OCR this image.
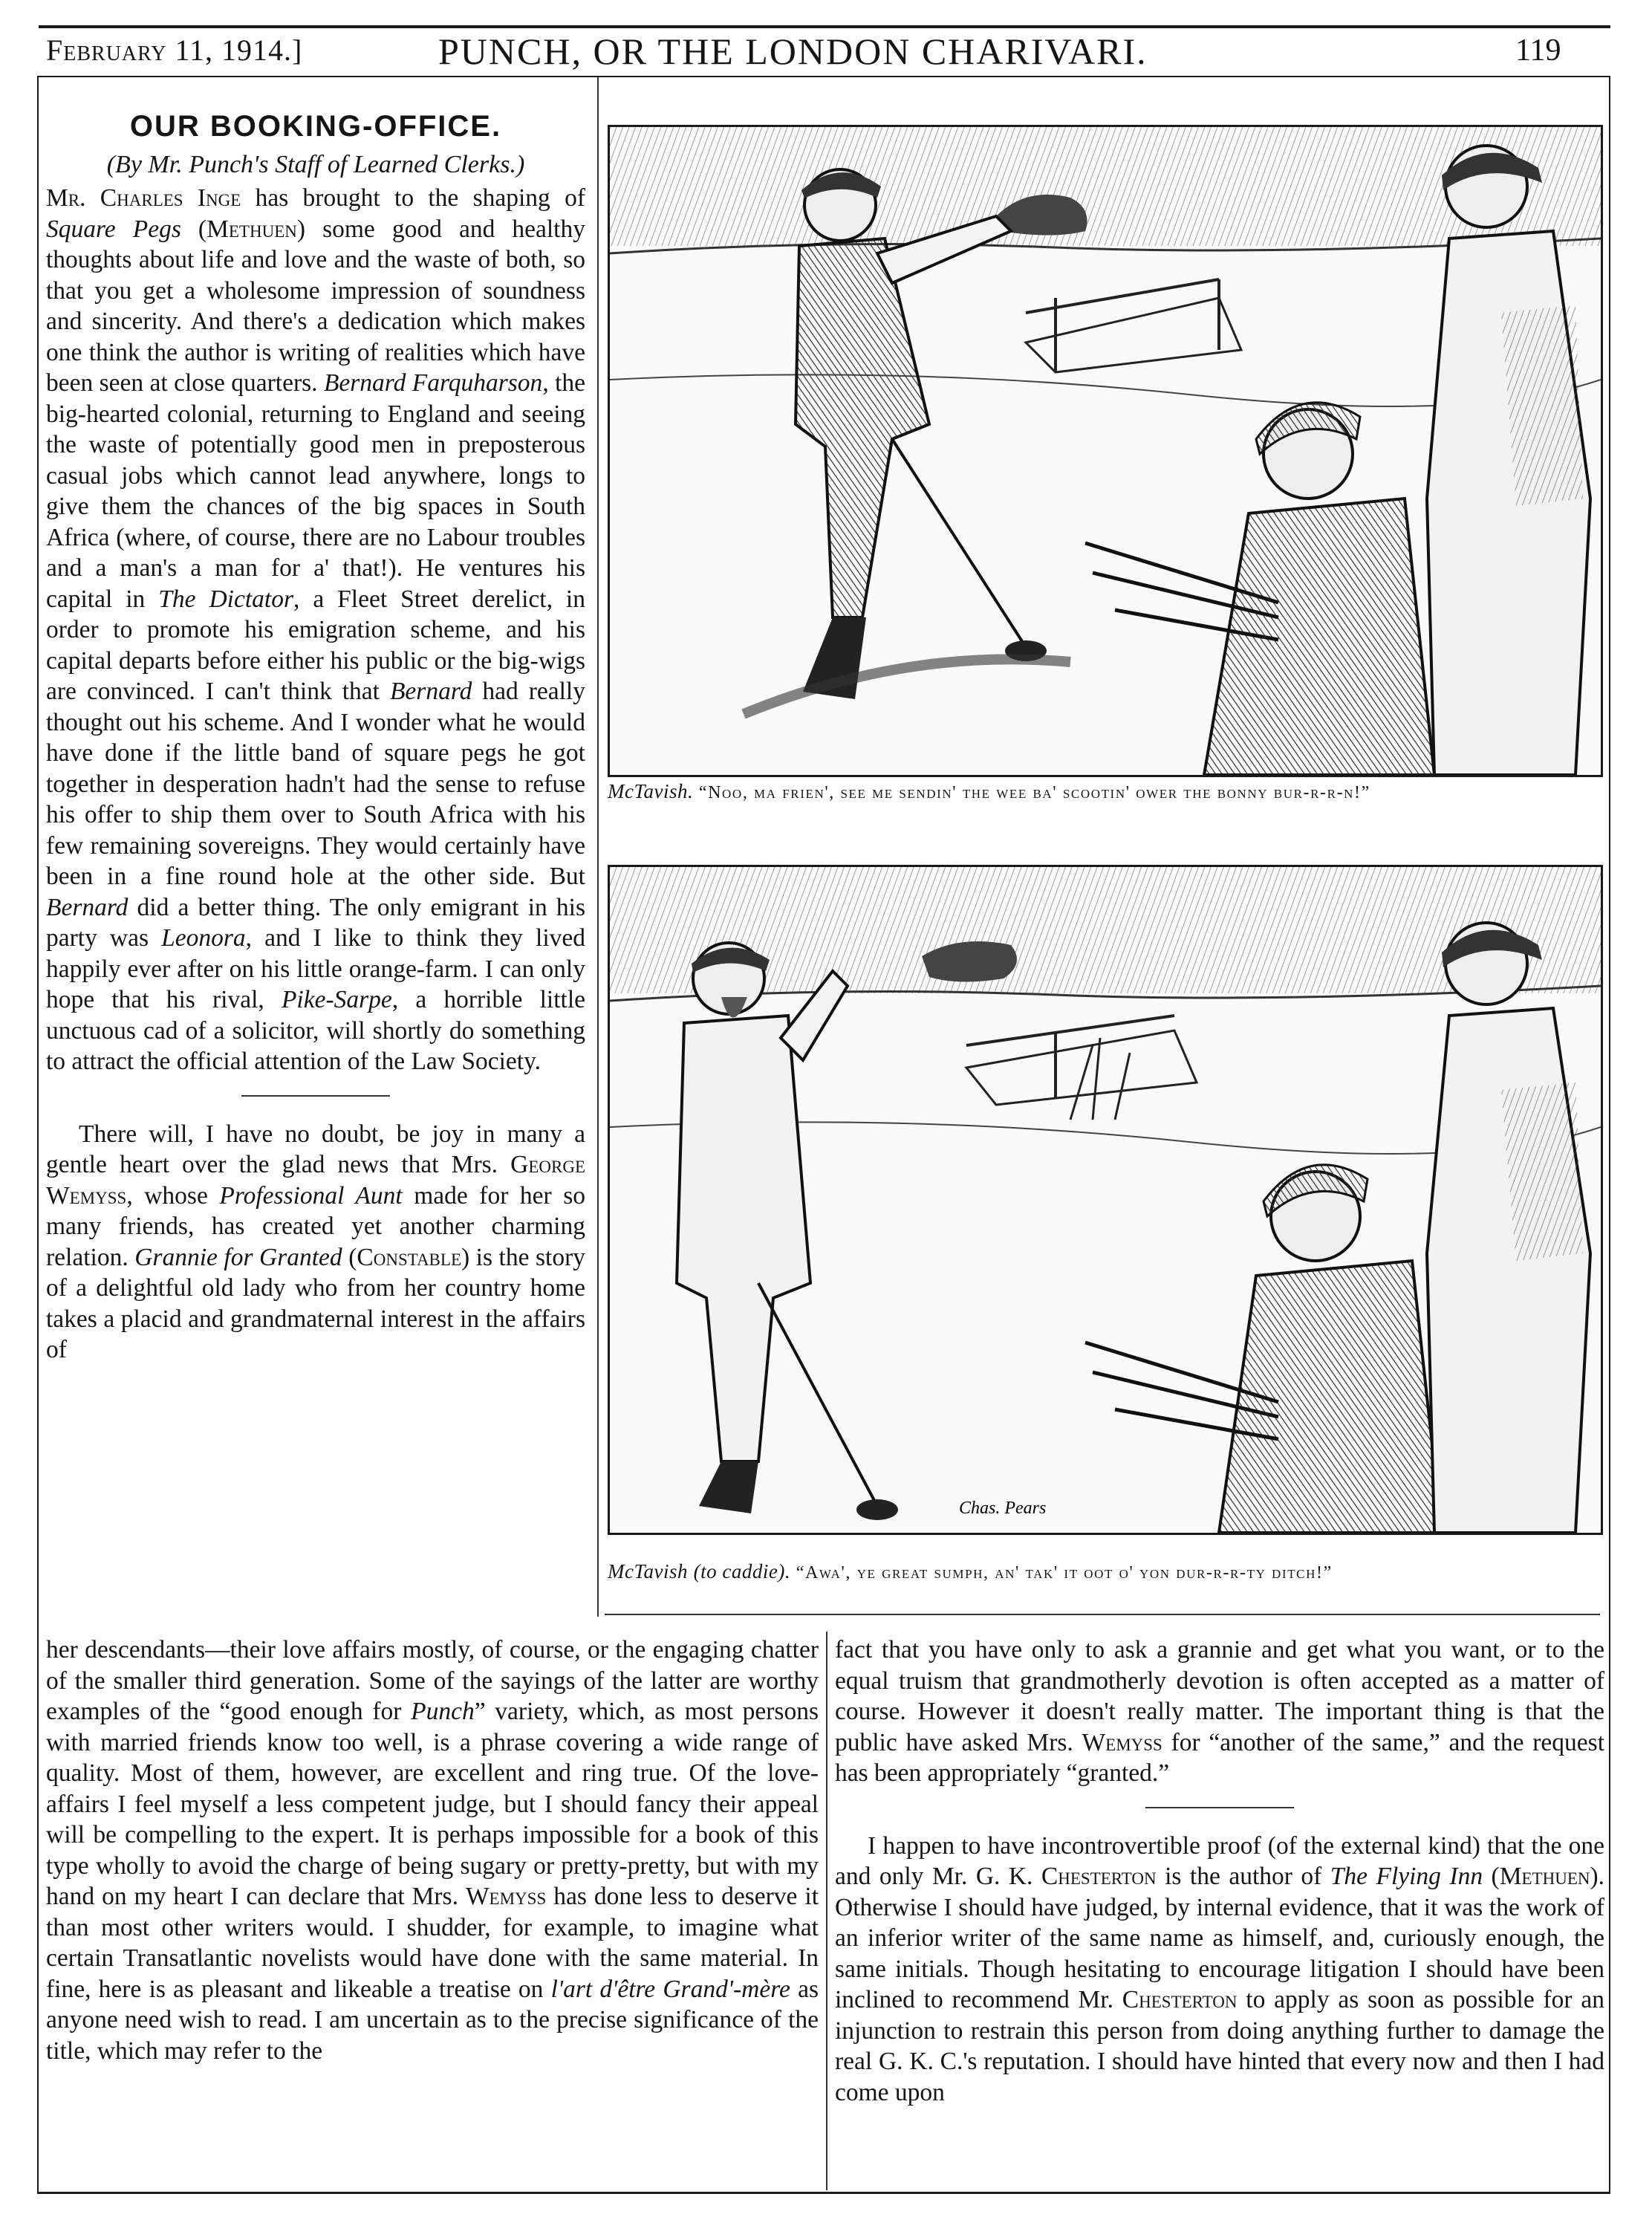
February 11, 1914.]	PUNCH, OR THE LONDON CHARIVARI.	119
OUR BOOKING-OFFICE.
(By Mr. Punch's Staff of Learned Clerks.)

Mr. Charles Inge has brought to the shaping of Square Pegs (Methuen) some good and healthy thoughts about life and love and the waste of both, so that you get a wholesome impression of soundness and sincerity. And there's a dedication which makes one think the author is writing of realities which have been seen at close quarters. Bernard Farquharson, the big-hearted colonial, returning to England and seeing the waste of potentially good men in preposterous casual jobs which cannot lead anywhere, longs to give them the chances of the big spaces in South Africa (where, of course, there are no Labour troubles and a man's a man for a' that!). He ventures his capital in The Dictator, a Fleet Street derelict, in order to promote his emigration scheme, and his capital departs before either his public or the big-wigs are convinced. I can't think that Bernard had really thought out his scheme. And I wonder what he would have done if the little band of square pegs he got together in desperation hadn't had the sense to refuse his offer to ship them over to South Africa with his few remaining sovereigns. They would certainly have been in a fine round hole at the other side. But Bernard did a better thing. The only emigrant in his party was Leonora, and I like to think they lived happily ever after on his little orange-farm. I can only hope that his rival, Pike-Sarpe, a horrible little unctuous cad of a solicitor, will shortly do something to attract the official attention of the Law Society.

There will, I have no doubt, be joy in many a gentle heart over the glad news that Mrs. George Wemyss, whose Professional Aunt made for her so many friends, has created yet another charming relation. Grannie for Granted (Constable) is the story of a delightful old lady who from her country home takes a placid and grandmaternal interest in the affairs of

her descendants—their love affairs mostly, of course, or the engaging chatter of the smaller third generation. Some of the sayings of the latter are worthy examples of the “good enough for Punch” variety, which, as most persons with married friends know too well, is a phrase covering a wide range of quality. Most of them, however, are excellent and ring true. Of the love-affairs I feel myself a less competent judge, but I should fancy their appeal will be compelling to the expert. It is perhaps impossible for a book of this type wholly to avoid the charge of being sugary or pretty-pretty, but with my hand on my heart I can declare that Mrs. Wemyss has done less to deserve it than most other writers would. I shudder, for example, to imagine what certain Transatlantic novelists would have done with the same material. In fine, here is as pleasant and likeable a treatise on l'art d'être Grand'-mère as anyone need wish to read. I am uncertain as to the precise significance of the title, which may refer to the

fact that you have only to ask a grannie and get what you want, or to the equal truism that grandmotherly devotion is often accepted as a matter of course. However it doesn't really matter. The important thing is that the public have asked Mrs. Wemyss for “another of the same,” and the request has been appropriately “granted.”

I happen to have incontrovertible proof (of the external kind) that the one and only Mr. G. K. Chesterton is the author of The Flying Inn (Methuen). Otherwise I should have judged, by internal evidence, that it was the work of an inferior writer of the same name as himself, and, curiously enough, the same initials. Though hesitating to encourage litigation I should have been inclined to recommend Mr. Chesterton to apply as soon as possible for an injunction to restrain this person from doing anything further to damage the real G. K. C.'s reputation. I should have hinted that every now and then I had come upon

McTavish. “Noo, ma frien', see me sendin' the wee ba' scootin' ower the bonny bur-r-r-n!”
Chas. Pears
McTavish (to caddie). “Awa', ye great sumph, an' tak' it oot o' yon dur-r-r-ty ditch!”
